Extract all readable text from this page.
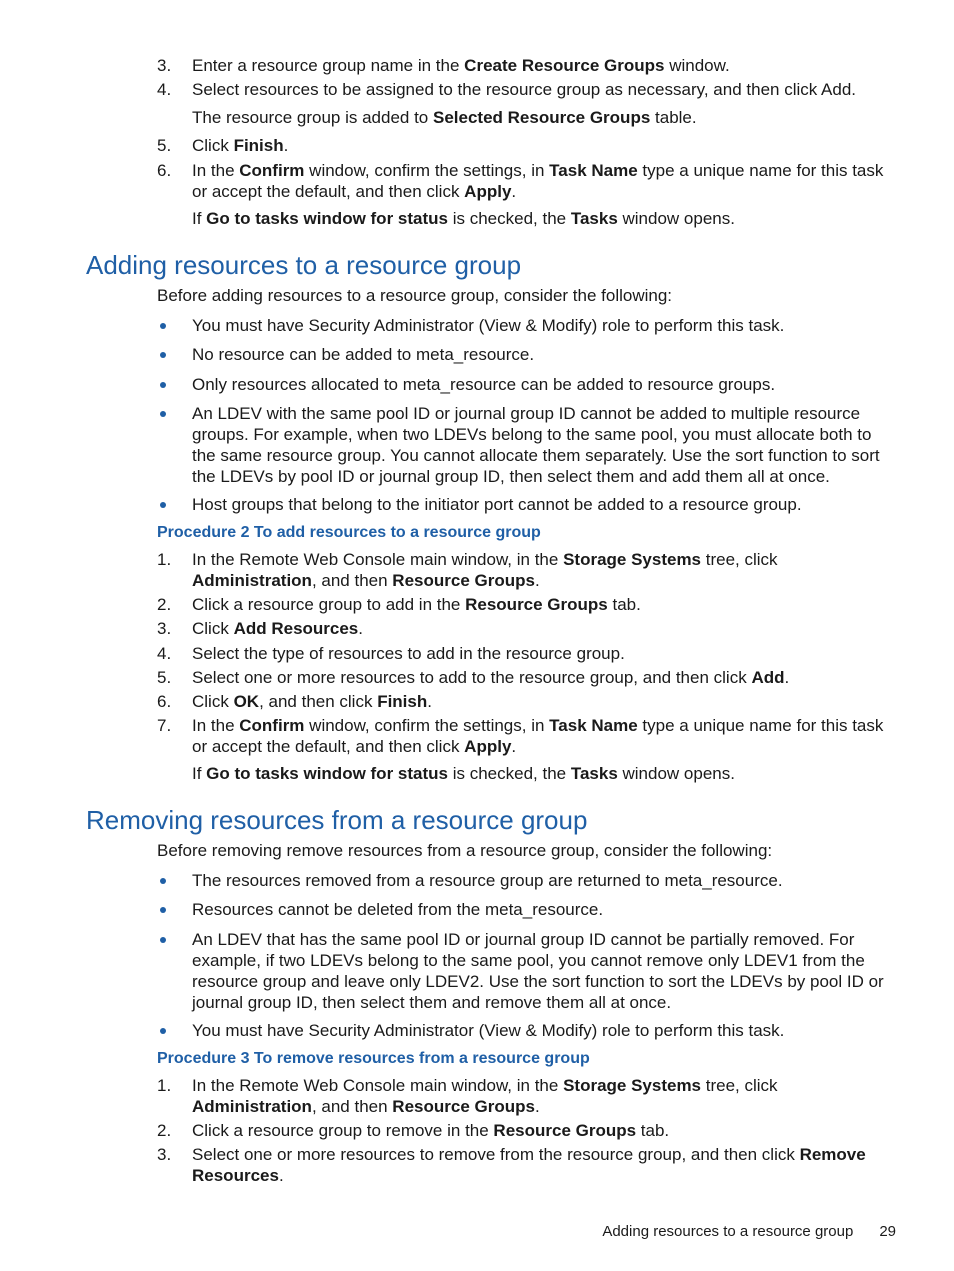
3.	Enter a resource group name in the Create Resource Groups window.
4.	Select resources to be assigned to the resource group as necessary, and then click Add.
The resource group is added to Selected Resource Groups table.
5.	Click Finish.
6.	In the Confirm window, confirm the settings, in Task Name type a unique name for this task or accept the default, and then click Apply.
If Go to tasks window for status is checked, the Tasks window opens.
Adding resources to a resource group
Before adding resources to a resource group, consider the following:
You must have Security Administrator (View & Modify) role to perform this task.
No resource can be added to meta_resource.
Only resources allocated to meta_resource can be added to resource groups.
An LDEV with the same pool ID or journal group ID cannot be added to multiple resource groups. For example, when two LDEVs belong to the same pool, you must allocate both to the same resource group. You cannot allocate them separately. Use the sort function to sort the LDEVs by pool ID or journal group ID, then select them and add them all at once.
Host groups that belong to the initiator port cannot be added to a resource group.
Procedure 2 To add resources to a resource group
1.	In the Remote Web Console main window, in the Storage Systems tree, click Administration, and then Resource Groups.
2.	Click a resource group to add in the Resource Groups tab.
3.	Click Add Resources.
4.	Select the type of resources to add in the resource group.
5.	Select one or more resources to add to the resource group, and then click Add.
6.	Click OK, and then click Finish.
7.	In the Confirm window, confirm the settings, in Task Name type a unique name for this task or accept the default, and then click Apply.
If Go to tasks window for status is checked, the Tasks window opens.
Removing resources from a resource group
Before removing remove resources from a resource group, consider the following:
The resources removed from a resource group are returned to meta_resource.
Resources cannot be deleted from the meta_resource.
An LDEV that has the same pool ID or journal group ID cannot be partially removed. For example, if two LDEVs belong to the same pool, you cannot remove only LDEV1 from the resource group and leave only LDEV2. Use the sort function to sort the LDEVs by pool ID or journal group ID, then select them and remove them all at once.
You must have Security Administrator (View & Modify) role to perform this task.
Procedure 3 To remove resources from a resource group
1.	In the Remote Web Console main window, in the Storage Systems tree, click Administration, and then Resource Groups.
2.	Click a resource group to remove in the Resource Groups tab.
3.	Select one or more resources to remove from the resource group, and then click Remove Resources.
Adding resources to a resource group 29
